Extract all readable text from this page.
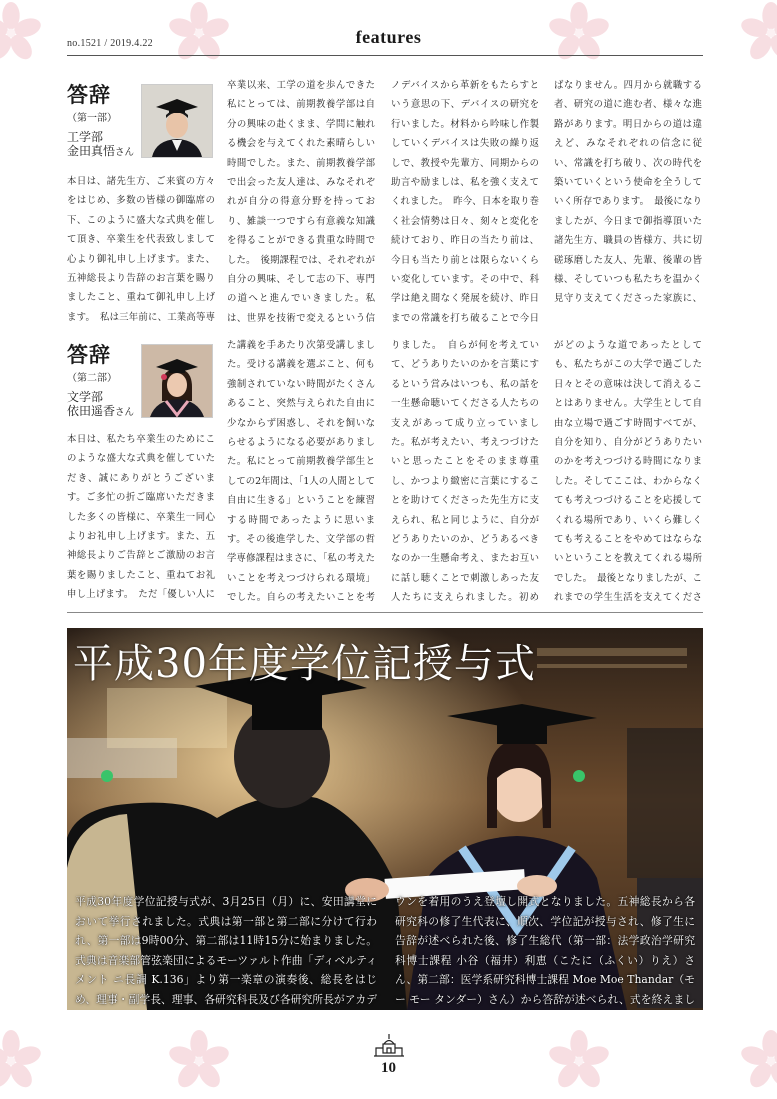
no.1521 / 2019.4.22	features
答辞
（第一部）
工学部
金田真悟さん
本日は、諸先生方、ご来賓の方々をはじめ、多数の皆様の御臨席の下、このように盛大な式典を催して頂き、卒業生を代表致しまして心より御礼申し上げます。また、五神総長より告辞のお言葉を賜りましたこと、重ねて御礼申し上げます。　私は三年前に、工業高等専
卒業以来、工学の道を歩んできた私にとっては、前期教養学部は自分の興味の赴くまま、学問に触れる機会を与えてくれた素晴らしい時間でした。また、前期教養学部で出会った友人達は、みなそれぞれが自分の得意分野を持っており、雑談一つですら有意義な知識を得ることができる貴重な時間でした。　後期課程では、それぞれが自分の興味、そして志の下、専門の道へと進んでいきました。私は、世界を技術で変えるという信
ノデバイスから革新をもたらすという意思の下、デバイスの研究を行いました。材料から吟味し作製していくデバイスは失敗の繰り返しで、教授や先輩方、同期からの助言や励ましは、私を強く支えてくれました。　昨今、日本を取り巻く社会情勢は日々、刻々と変化を続けており、昨日の当たり前は、今日も当たり前とは限らないくらい変化しています。その中で、科学は絶え間なく発展を続け、昨日までの常識を打ち破ることで今日
ばなりません。四月から就職する者、研究の道に進む者、様々な進路があります。明日からの道は違えど、みなそれぞれの信念に従い、常識を打ち破り、次の時代を築いていくという使命を全うしていく所存であります。　最後になりましたが、今日まで御指導頂いた諸先生方、職員の皆様方、共に切磋琢磨した友人、先輩、後輩の皆様、そしていつも私たちを温かく見守り支えてくださった家族に、
答辞
（第二部）
文学部
依田遥香さん
本日は、私たち卒業生のためにこのような盛大な式典を催していただき、誠にありがとうございます。ご多忙の折ご臨席いただきました多くの皆様に、卒業生一同心よりお礼申し上げます。また、五神総長よりご告辞とご激励のお言葉を賜りましたこと、重ねてお礼申し上げます。　ただ「優しい人に
た講義を手あたり次第受講しました。受ける講義を選ぶこと、何も強制されていない時間がたくさんあること、突然与えられた自由に少なからず困惑し、それを飼いならせるようになる必要がありました。私にとって前期教養学部生としての2年間は、「1人の人間として自由に生きる」ということを練習する時間であったように思います。その後進学した、文学部の哲学専修課程はまさに、「私の考えたいことを考えつづけられる環境」でした。自らの考えたいことを考
りました。　自らが何を考えていて、どうありたいのかを言葉にするという営みはいつも、私の話を一生懸命聴いてくださる人たちの支えがあって成り立っていました。私が考えたい、考えつづけたいと思ったことをそのまま尊重し、かつより緻密に言葉にすることを助けてくださった先生方に支えられ、私と同じように、自分がどうありたいのか、どうあるべきなのか一生懸命考え、またお互いに話し聴くことで刺激しあった友人たちに支えられました。初め　
がどのような道であったとしても、私たちがこの大学で過ごした日々とその意味は決して消えることはありません。大学生として自由な立場で過ごす時間すべてが、自分を知り、自分がどうありたいのかを考えつづける時間になりました。そしてここは、わからなくても考えつづけることを応援してくれる場所であり、いくら難しくても考えることをやめてはならないということを教えてくれる場所でした。　最後となりましたが、これまでの学生生活を支えてくださ
平成30年度学位記授与式
平成30年度学位記授与式が、3月25日（月）に、安田講堂において挙行されました。式典は第一部と第二部に分けて行われ、第一部は9時00分、第二部は11時15分に始まりました。式典は音楽部管弦楽団によるモーツァルト作曲「ディベルティメント ニ長調 K.136」より第一楽章の演奏後、総長をはじめ、理事・副学長、理事、各研究科長及び各研究所長がアカデ
ウンを着用のうえ登壇し開式となりました。五神総長から各研究科の修了生代表に、順次、学位記が授与され、修了生に告辞が述べられた後、修了生総代（第一部：法学政治学研究科博士課程 小谷（福井）利恵（こたに（ふくい）りえ）さん、第二部：医学系研究科博士課程 Moe Moe Thandar（モー モー タンダー）さん）から答辞が述べられ、式を終えまし
10
